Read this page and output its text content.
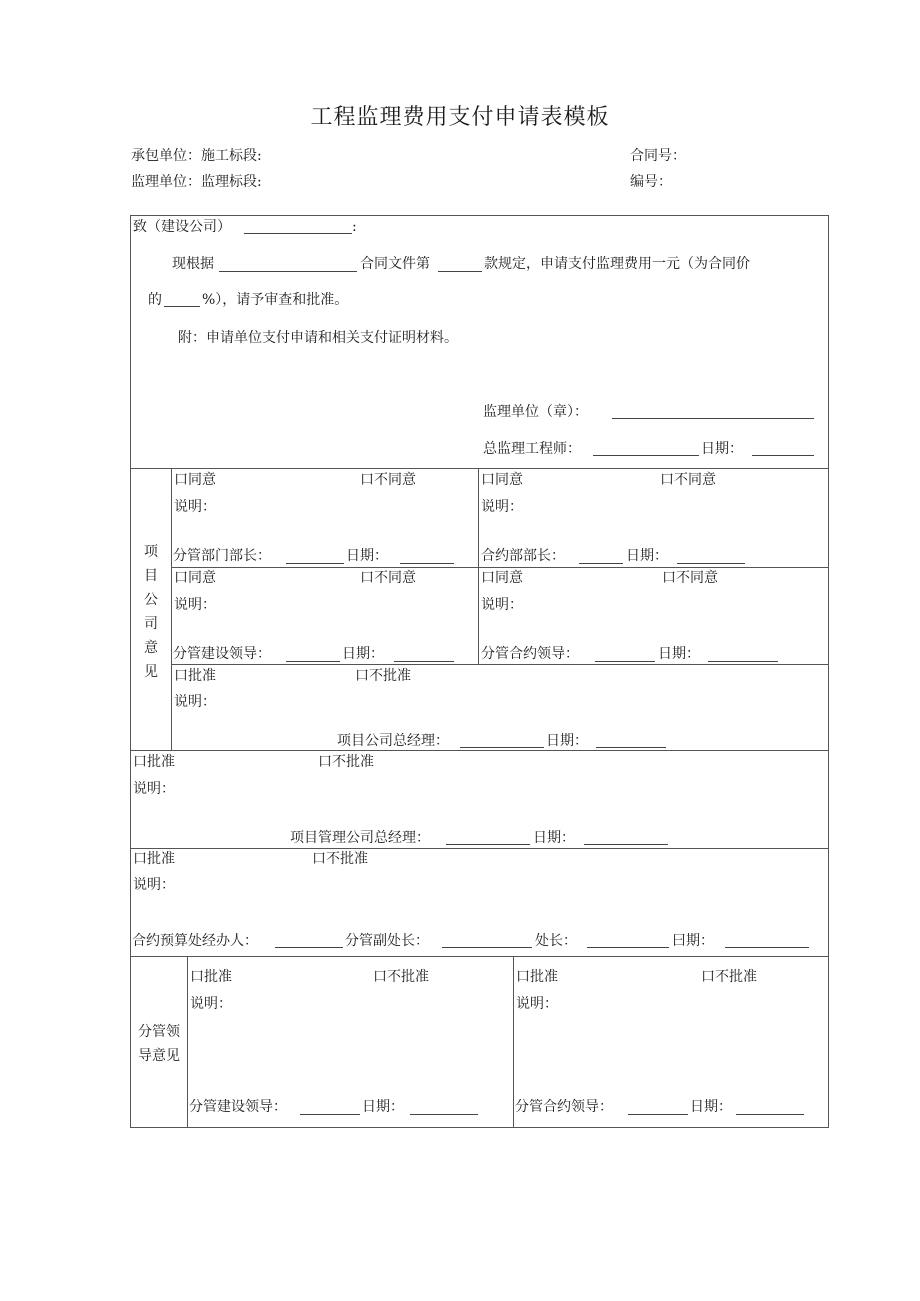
工程监理费用支付申请表模板
承包单位：施工标段:	合同号：
监理单位：监理标段:	编号：
致（建设公司）	:
现根据	合同文件第	款规定，申请支付监理费用一元（为合同价
的	%），请予审查和批准。
附：申请单位支付申请和相关支付证明材料。
监理单位（章）：
总监理工程师：	日期：
项
目
公
司
意
见
口同意	口不同意
说明：
分管部门部长：	日期：
口同意	口不同意
说明：
合约部部长：	日期：
口同意	口不同意
说明：
分管建设领导：	日期：
口同意	口不同意
说明：
分管合约领导：	日期：
口批准	口不批准
说明：
项目公司总经理：	日期：
口批准	口不批准
说明：
项目管理公司总经理：	日期：
口批准	口不批准
说明：
合约预算处经办人：	分管副处长：	处长：	曰期：
分管领
导意见
口批准	口不批准
说明：
分管建设领导：	日期：
口批准	口不批准
说明：
分管合约领导：	日期：
